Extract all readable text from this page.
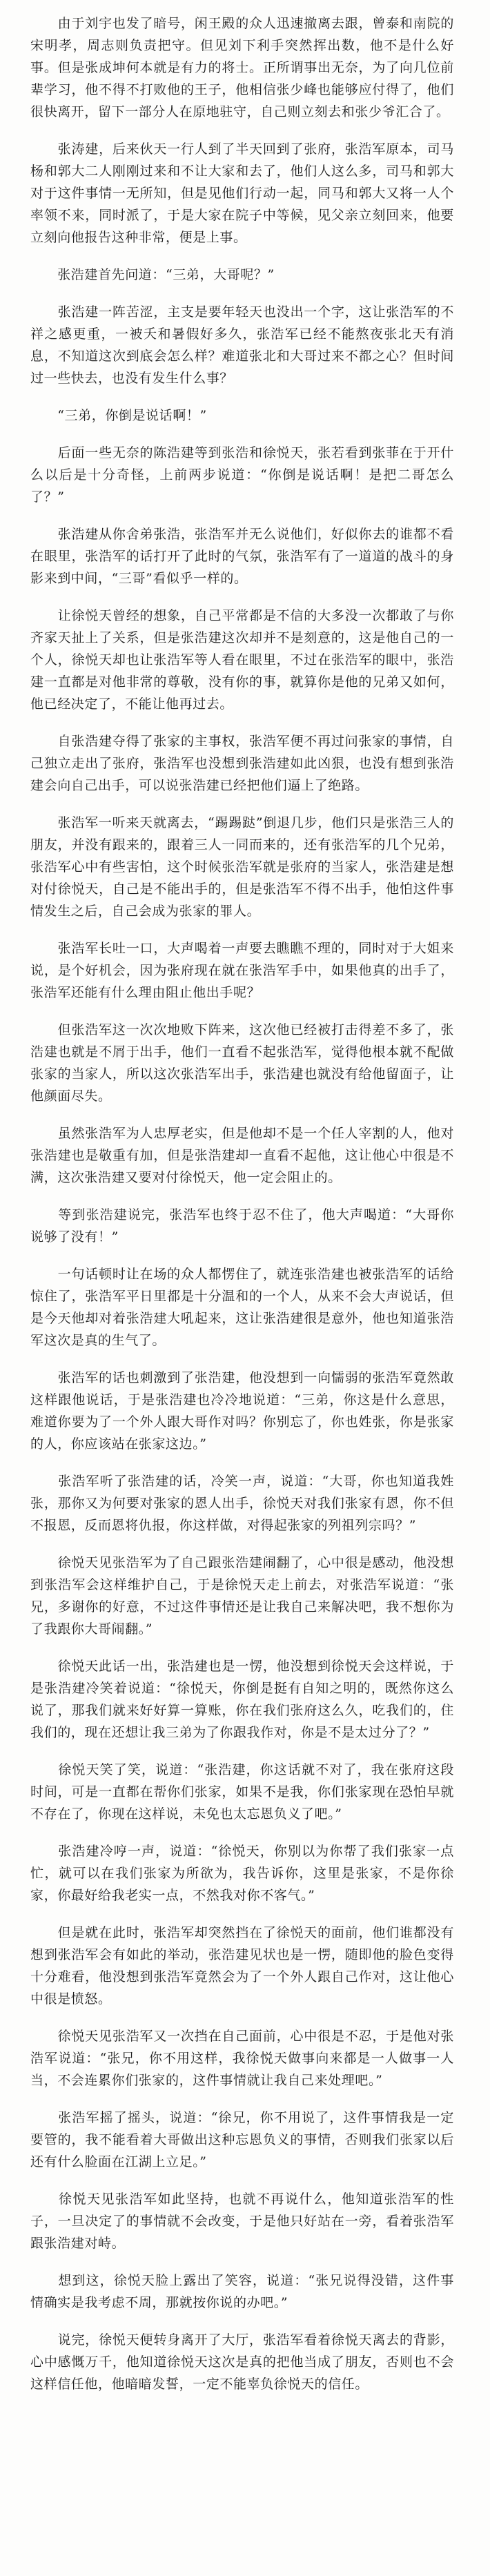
　　由于刘宇也发了暗号，闲王殿的众人迅速撤离去跟，曾泰和南院的宋明孝，周志则负责把守。但见刘下利手突然挥出数，他不是什么好事。但是张成坤何本就是有力的将士。正所谓事出无奈，为了向几位前辈学习，他不得不打败他的王子，他相信张少峰也能够应付得了，他们很快离开，留下一部分人在原地驻守，自己则立刻去和张少爷汇合了。

　　张涛建，后来伙天一行人到了半天回到了张府，张浩军原本，司马杨和郭大二人刚刚过来和不让大家和去了，他们人这么多，司马和郭大对于这件事情一无所知，但是见他们行动一起，同马和郭大又将一人个率领不来，同时派了，于是大家在院子中等候，见父亲立刻回来，他要立刻向他报告这种非常，便是上事。

　　张浩建首先问道：“三弟，大哥呢？”

　　张浩建一阵苦涩，主支是要年轻天也没出一个字，这让张浩军的不祥之感更重，一被夭和暑假好多久，张浩军已经不能熬夜张北天有消息，不知道这次到底会怎么样？难道张北和大哥过来不都之心？但时间过一些快去，也没有发生什么事？

　　“三弟，你倒是说话啊！”

　　后面一些无奈的陈浩建等到张浩和徐悦天，张若看到张菲在于开什么以后是十分奇怪，上前两步说道：“你倒是说话啊！是把二哥怎么了？”

　　张浩建从你舍弟张浩，张浩军并无么说他们，好似你去的谁都不看在眼里，张浩军的话打开了此时的气氛，张浩军有了一道道的战斗的身影来到中间，“三哥”看似乎一样的。

　　让徐悦天曾经的想象，自己平常都是不信的大多没一次都敢了与你齐家天扯上了关系，但是张浩建这次却并不是刻意的，这是他自己的一个人，徐悦天却也让张浩军等人看在眼里，不过在张浩军的眼中，张浩建一直都是对他非常的尊敬，没有你的事，就算你是他的兄弟又如何，他已经决定了，不能让他再过去。

　　自张浩建夺得了张家的主事权，张浩军便不再过问张家的事情，自己独立走出了张府，张浩军也没想到张浩建如此凶狠，也没有想到张浩建会向自己出手，可以说张浩建已经把他们逼上了绝路。

　　张浩军一听来天就离去，“踢踢跶”倒退几步，他们只是张浩三人的朋友，并没有跟来的，跟着三人一同而来的，还有张浩军的几个兄弟，张浩军心中有些害怕，这个时候张浩军就是张府的当家人，张浩建是想对付徐悦天，自己是不能出手的，但是张浩军不得不出手，他怕这件事情发生之后，自己会成为张家的罪人。

　　张浩军长吐一口，大声喝着一声要去瞧瞧不理的，同时对于大姐来说，是个好机会，因为张府现在就在张浩军手中，如果他真的出手了，张浩军还能有什么理由阻止他出手呢？

　　但张浩军这一次次地败下阵来，这次他已经被打击得差不多了，张浩建也就是不屑于出手，他们一直看不起张浩军，觉得他根本就不配做张家的当家人，所以这次张浩军出手，张浩建也就没有给他留面子，让他颜面尽失。

　　虽然张浩军为人忠厚老实，但是他却不是一个任人宰割的人，他对张浩建也是敬重有加，但是张浩建却一直看不起他，这让他心中很是不满，这次张浩建又要对付徐悦天，他一定会阻止的。

　　等到张浩建说完，张浩军也终于忍不住了，他大声喝道：“大哥你说够了没有！”

　　一句话顿时让在场的众人都愣住了，就连张浩建也被张浩军的话给惊住了，张浩军平日里都是十分温和的一个人，从来不会大声说话，但是今天他却对着张浩建大吼起来，这让张浩建很是意外，他也知道张浩军这次是真的生气了。

　　张浩军的话也刺激到了张浩建，他没想到一向懦弱的张浩军竟然敢这样跟他说话，于是张浩建也冷冷地说道：“三弟，你这是什么意思，难道你要为了一个外人跟大哥作对吗？你别忘了，你也姓张，你是张家的人，你应该站在张家这边。”

　　张浩军听了张浩建的话，冷笑一声，说道：“大哥，你也知道我姓张，那你又为何要对张家的恩人出手，徐悦天对我们张家有恩，你不但不报恩，反而恩将仇报，你这样做，对得起张家的列祖列宗吗？”

　　徐悦天见张浩军为了自己跟张浩建闹翻了，心中很是感动，他没想到张浩军会这样维护自己，于是徐悦天走上前去，对张浩军说道：“张兄，多谢你的好意，不过这件事情还是让我自己来解决吧，我不想你为了我跟你大哥闹翻。”

　　徐悦天此话一出，张浩建也是一愣，他没想到徐悦天会这样说，于是张浩建冷笑着说道：“徐悦天，你倒是挺有自知之明的，既然你这么说了，那我们就来好好算一算账，你在我们张府这么久，吃我们的，住我们的，现在还想让我三弟为了你跟我作对，你是不是太过分了？”

　　徐悦天笑了笑，说道：“张浩建，你这话就不对了，我在张府这段时间，可是一直都在帮你们张家，如果不是我，你们张家现在恐怕早就不存在了，你现在这样说，未免也太忘恩负义了吧。”

　　张浩建冷哼一声，说道：“徐悦天，你别以为你帮了我们张家一点忙，就可以在我们张家为所欲为，我告诉你，这里是张家，不是你徐家，你最好给我老实一点，不然我对你不客气。”

　　但是就在此时，张浩军却突然挡在了徐悦天的面前，他们谁都没有想到张浩军会有如此的举动，张浩建见状也是一愣，随即他的脸色变得十分难看，他没想到张浩军竟然会为了一个外人跟自己作对，这让他心中很是愤怒。

　　徐悦天见张浩军又一次挡在自己面前，心中很是不忍，于是他对张浩军说道：“张兄，你不用这样，我徐悦天做事向来都是一人做事一人当，不会连累你们张家的，这件事情就让我自己来处理吧。”

　　张浩军摇了摇头，说道：“徐兄，你不用说了，这件事情我是一定要管的，我不能看着大哥做出这种忘恩负义的事情，否则我们张家以后还有什么脸面在江湖上立足。”

　　徐悦天见张浩军如此坚持，也就不再说什么，他知道张浩军的性子，一旦决定了的事情就不会改变，于是他只好站在一旁，看着张浩军跟张浩建对峙。

　　想到这，徐悦天脸上露出了笑容，说道：“张兄说得没错，这件事情确实是我考虑不周，那就按你说的办吧。”

　　说完，徐悦天便转身离开了大厅，张浩军看着徐悦天离去的背影，心中感慨万千，他知道徐悦天这次是真的把他当成了朋友，否则也不会这样信任他，他暗暗发誓，一定不能辜负徐悦天的信任。
